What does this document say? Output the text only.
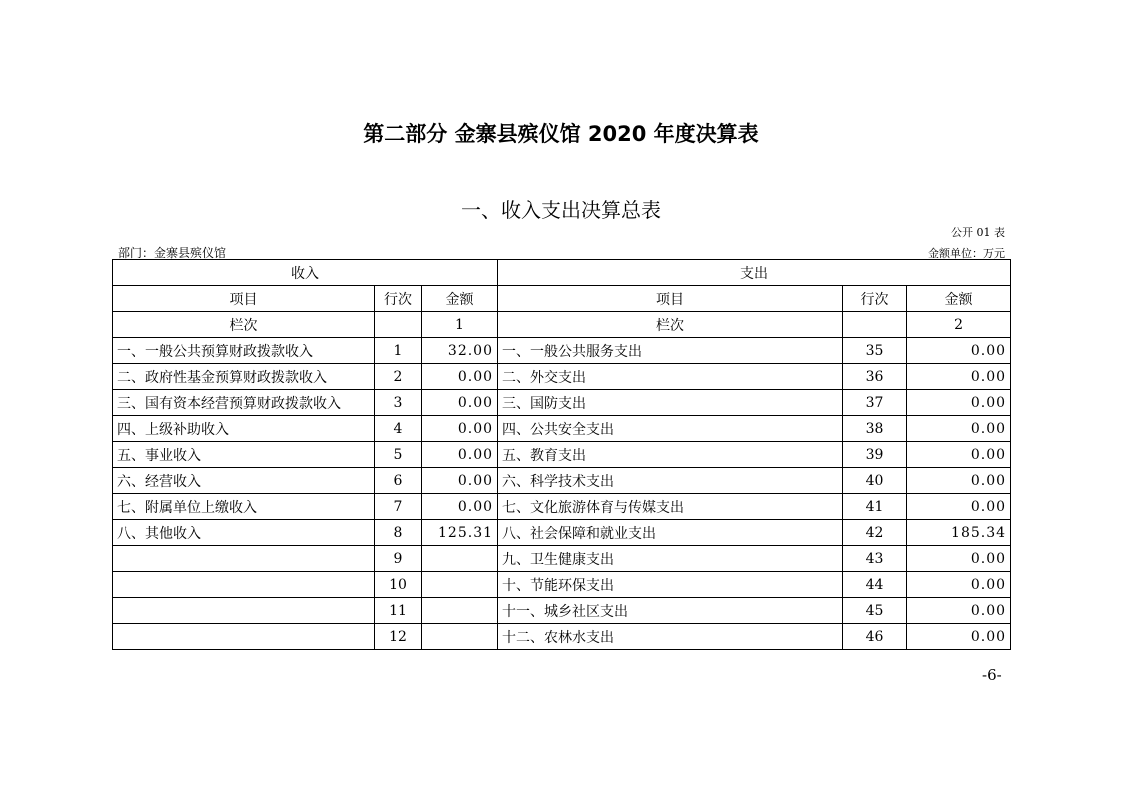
第二部分 金寨县殡仪馆 2020 年度决算表
一、收入支出决算总表
公开 01 表
部门：金寨县殡仪馆	金额单位：万元
收入			支出		
项目	行次	金额	项目	行次	金额
栏次		1	栏次		2
一、一般公共预算财政拨款收入	1	32.00	一、一般公共服务支出	35	0.00
二、政府性基金预算财政拨款收入	2	0.00	二、外交支出	36	0.00
三、国有资本经营预算财政拨款收入	3	0.00	三、国防支出	37	0.00
四、上级补助收入	4	0.00	四、公共安全支出	38	0.00
五、事业收入	5	0.00	五、教育支出	39	0.00
六、经营收入	6	0.00	六、科学技术支出	40	0.00
七、附属单位上缴收入	7	0.00	七、文化旅游体育与传媒支出	41	0.00
八、其他收入	8	125.31	八、社会保障和就业支出	42	185.34
	9		九、卫生健康支出	43	0.00
	10		十、节能环保支出	44	0.00
	11		十一、城乡社区支出	45	0.00
	12		十二、农林水支出	46	0.00
-6-
